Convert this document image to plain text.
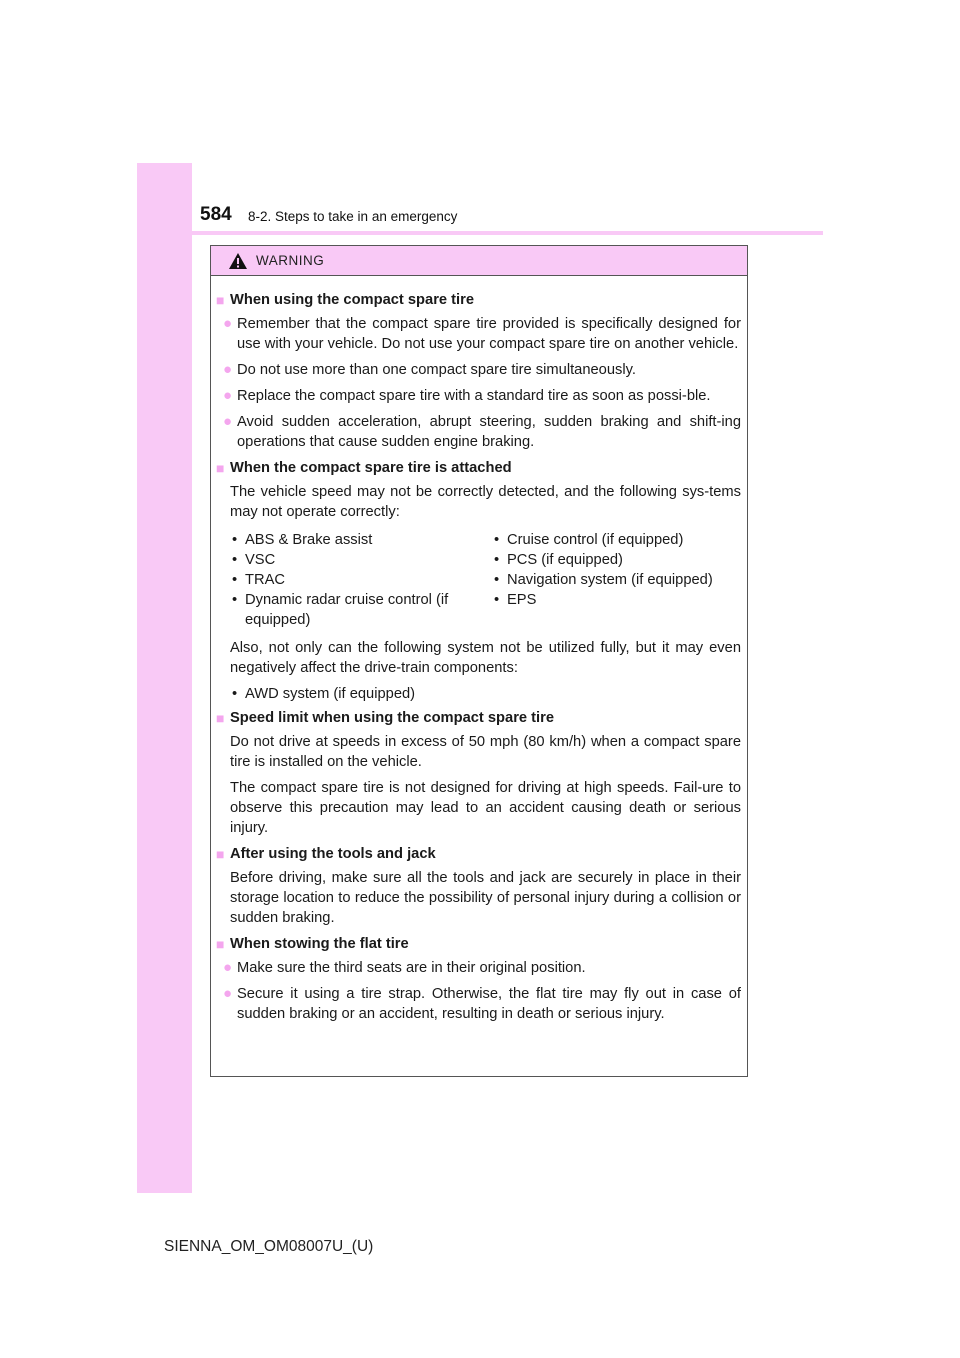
584 8-2. Steps to take in an emergency
WARNING
■ When using the compact spare tire
● Remember that the compact spare tire provided is specifically designed for use with your vehicle. Do not use your compact spare tire on another vehicle.
● Do not use more than one compact spare tire simultaneously.
● Replace the compact spare tire with a standard tire as soon as possi-ble.
● Avoid sudden acceleration, abrupt steering, sudden braking and shift-ing operations that cause sudden engine braking.
■ When the compact spare tire is attached
The vehicle speed may not be correctly detected, and the following sys-tems may not operate correctly:
• ABS & Brake assist
• VSC
• TRAC
• Dynamic radar cruise control (if equipped)
• Cruise control (if equipped)
• PCS (if equipped)
• Navigation system (if equipped)
• EPS
Also, not only can the following system not be utilized fully, but it may even negatively affect the drive-train components:
• AWD system (if equipped)
■ Speed limit when using the compact spare tire
Do not drive at speeds in excess of 50 mph (80 km/h) when a compact spare tire is installed on the vehicle.
The compact spare tire is not designed for driving at high speeds. Fail-ure to observe this precaution may lead to an accident causing death or serious injury.
■ After using the tools and jack
Before driving, make sure all the tools and jack are securely in place in their storage location to reduce the possibility of personal injury during a collision or sudden braking.
■ When stowing the flat tire
● Make sure the third seats are in their original position.
● Secure it using a tire strap. Otherwise, the flat tire may fly out in case of sudden braking or an accident, resulting in death or serious injury.
SIENNA_OM_OM08007U_(U)
